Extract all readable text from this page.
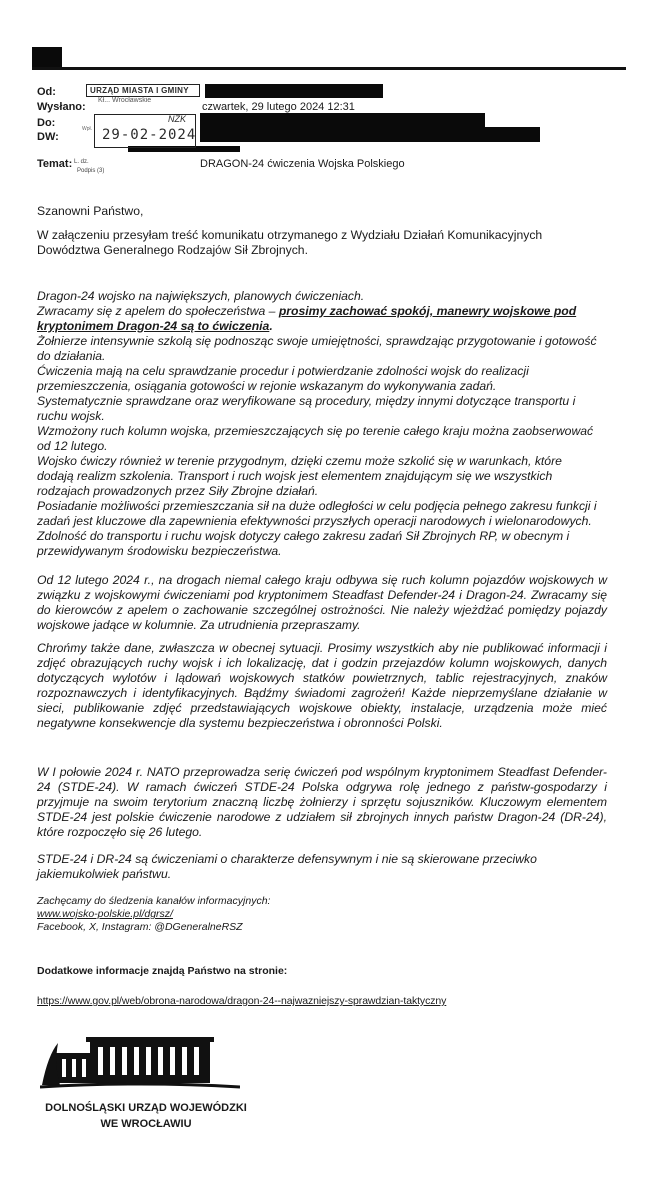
Od:
Wysłano:	czwartek, 29 lutego 2024 12:31
Do:
DW:
Temat:	DRAGON-24 ćwiczenia Wojska Polskiego
URZĄD MIASTA I GMINY
Kł... Wrocławskie
Wpł. 29-02-2024
NZK
L. dz.
Podpis (3)
Szanowni Państwo,
W załączeniu przesyłam treść komunikatu otrzymanego z Wydziału Działań Komunikacyjnych Dowództwa Generalnego Rodzajów Sił Zbrojnych.
Dragon-24 wojsko na największych, planowych ćwiczeniach.
Zwracamy się z apelem do społeczeństwa – prosimy zachować spokój, manewry wojskowe pod kryptonimem Dragon-24 są to ćwiczenia.
Żołnierze intensywnie szkolą się podnosząc swoje umiejętności, sprawdzając przygotowanie i gotowość do działania.
Ćwiczenia mają na celu sprawdzanie procedur i potwierdzanie zdolności wojsk do realizacji przemieszczenia, osiągania gotowości w rejonie wskazanym do wykonywania zadań.
Systematycznie sprawdzane oraz weryfikowane są procedury, między innymi dotyczące transportu i ruchu wojsk.
Wzmożony ruch kolumn wojska, przemieszczających się po terenie całego kraju można zaobserwować od 12 lutego.
Wojsko ćwiczy również w terenie przygodnym, dzięki czemu może szkolić się w warunkach, które dodają realizm szkolenia. Transport i ruch wojsk jest elementem znajdującym się we wszystkich rodzajach prowadzonych przez Siły Zbrojne działań.
Posiadanie możliwości przemieszczania sił na duże odległości w celu podjęcia pełnego zakresu funkcji i zadań jest kluczowe dla zapewnienia efektywności przyszłych operacji narodowych i wielonarodowych. Zdolność do transportu i ruchu wojsk dotyczy całego zakresu zadań Sił Zbrojnych RP, w obecnym i przewidywanym środowisku bezpieczeństwa.
Od 12 lutego 2024 r., na drogach niemal całego kraju odbywa się ruch kolumn pojazdów wojskowych w związku z wojskowymi ćwiczeniami pod kryptonimem Steadfast Defender-24 i Dragon-24. Zwracamy się do kierowców z apelem o zachowanie szczególnej ostrożności. Nie należy wjeżdżać pomiędzy pojazdy wojskowe jadące w kolumnie. Za utrudnienia przepraszamy.
Chrońmy także dane, zwłaszcza w obecnej sytuacji. Prosimy wszystkich aby nie publikować informacji i zdjęć obrazujących ruchy wojsk i ich lokalizację, dat i godzin przejazdów kolumn wojskowych, danych dotyczących wylotów i lądowań wojskowych statków powietrznych, tablic rejestracyjnych, znaków rozpoznawczych i identyfikacyjnych. Bądźmy świadomi zagrożeń! Każde nieprzemyślane działanie w sieci, publikowanie zdjęć przedstawiających wojskowe obiekty, instalacje, urządzenia może mieć negatywne konsekwencje dla systemu bezpieczeństwa i obronności Polski.
W I połowie 2024 r. NATO przeprowadza serię ćwiczeń pod wspólnym kryptonimem Steadfast Defender-24 (STDE-24). W ramach ćwiczeń STDE-24 Polska odgrywa rolę jednego z państw-gospodarzy i przyjmuje na swoim terytorium znaczną liczbę żołnierzy i sprzętu sojuszników. Kluczowym elementem STDE-24 jest polskie ćwiczenie narodowe z udziałem sił zbrojnych innych państw Dragon-24 (DR-24), które rozpoczęło się 26 lutego.
STDE-24 i DR-24 są ćwiczeniami o charakterze defensywnym i nie są skierowane przeciwko jakiemukolwiek państwu.
Zachęcamy do śledzenia kanałów informacyjnych:
www.wojsko-polskie.pl/dgrsz/
Facebook, X, Instagram: @DGeneralneRSZ
Dodatkowe informacje znajdą Państwo na stronie:
https://www.gov.pl/web/obrona-narodowa/dragon-24--najwazniejszy-sprawdzian-taktyczny
DOLNOŚLĄSKI URZĄD WOJEWÓDZKI
WE WROCŁAWIU
